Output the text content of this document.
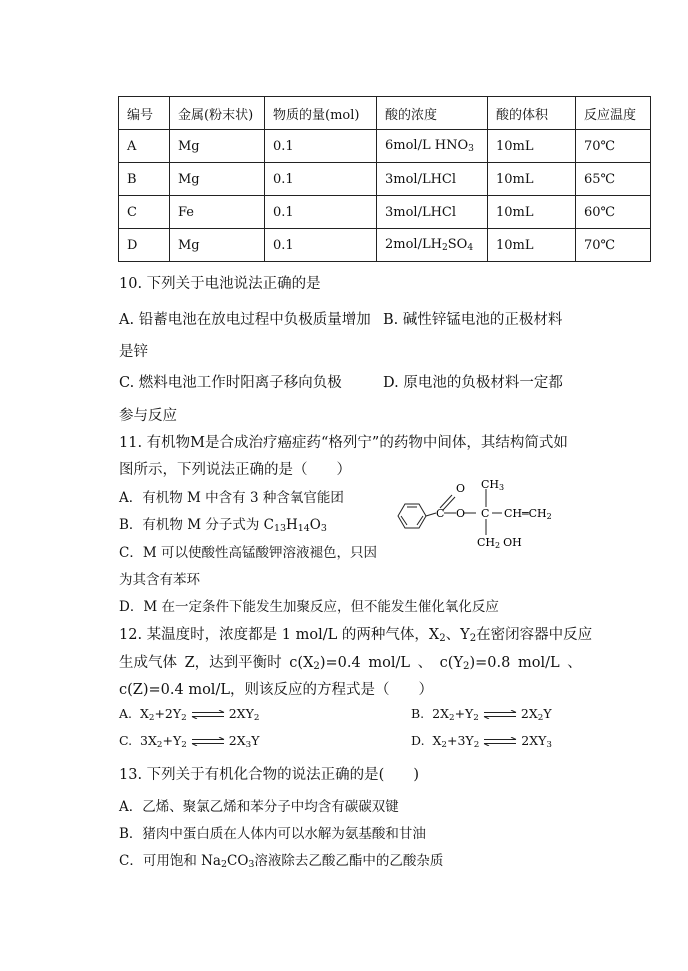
编号	金属(粉末状)	物质的量(mol)	酸的浓度	酸的体积	反应温度
A	Mg	0.1	6mol/L $HNO_3$	10mL	70℃
B	Mg	0.1	3mol/LHCl	10mL	65℃
C	Fe	0.1	3mol/LHCl	10mL	60℃
D	Mg	0.1	$2mol/LH_2SO_4$	10mL	70℃
10. 下列关于电池说法正确的是
A. 铅蓄电池在放电过程中负极质量增加 B. 碱性锌锰电池的正极材料
是锌
C. 燃料电池工作时阳离子移向负极	D. 原电池的负极材料一定都
参与反应
11. 有机物M是合成治疗癌症药“格列宁”的药物中间体，其结构简式如
图所示，下列说法正确的是（　　）
A．有机物 M 中含有 3 种含氧官能团
B．有机物 M 分子式为 $C_{13}H_{14}O_3$
C．M 可以使酸性高锰酸钾溶液褪色，只因
为其含有苯环
D．M 在一定条件下能发生加聚反应，但不能发生催化氧化反应
O
C O
CH3
C CH═CH2
CH2 OH
12. 某温度时，浓度都是 1 mol/L 的两种气体，$X_2$、$Y_2$在密闭容器中反应
生成气体 Z，达到平衡时 $c(X_2)=0.4$ mol/L 、 $c(Y_2)=0.8$ mol/L 、
c(Z)=0.4 mol/L，则该反应的方程式是（　　）
A. $X_2+2Y_2$ ⇌ $2XY_2$	B. $2X_2+Y_2$ ⇌ $2X_2Y$
C. $3X_2+Y_2$ ⇌ $2X_3Y$	D. $X_2+3Y_2$ ⇌ $2XY_3$
13. 下列关于有机化合物的说法正确的是(　　)
A．乙烯、聚氯乙烯和苯分子中均含有碳碳双键
B．猪肉中蛋白质在人体内可以水解为氨基酸和甘油
C．可用饱和 $Na_2CO_3$溶液除去乙酸乙酯中的乙酸杂质
